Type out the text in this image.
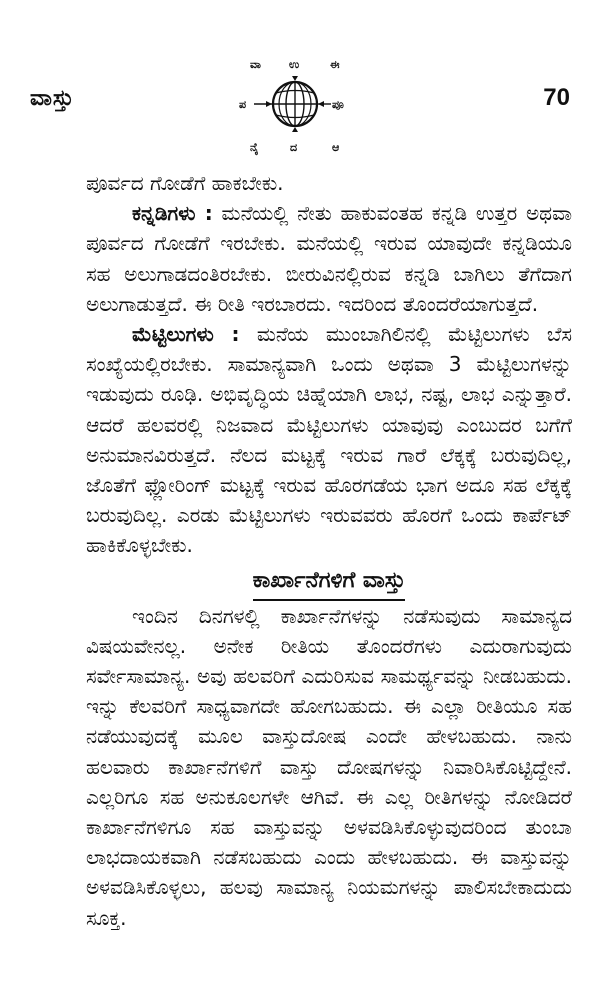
ವಾಸ್ತು
ವಾ	ಉ	ಈ
ಪ	ಪೂ
ನೈ	ದ	ಆ
70

ಪೂರ್ವದ ಗೋಡೆಗೆ ಹಾಕಬೇಕು.

ಕನ್ನಡಿಗಳು : ಮನೆಯಲ್ಲಿ ನೇತು ಹಾಕುವಂತಹ ಕನ್ನಡಿ ಉತ್ತರ ಅಥವಾ ಪೂರ್ವದ ಗೋಡೆಗೆ ಇರಬೇಕು. ಮನೆಯಲ್ಲಿ ಇರುವ ಯಾವುದೇ ಕನ್ನಡಿಯೂ ಸಹ ಅಲುಗಾಡದಂತಿರಬೇಕು. ಬೀರುವಿನಲ್ಲಿರುವ ಕನ್ನಡಿ ಬಾಗಿಲು ತೆಗೆದಾಗ ಅಲುಗಾಡುತ್ತದೆ. ಈ ರೀತಿ ಇರಬಾರದು. ಇದರಿಂದ ತೊಂದರೆಯಾಗುತ್ತದೆ.

ಮೆಟ್ಟಿಲುಗಳು : ಮನೆಯ ಮುಂಬಾಗಿಲಿನಲ್ಲಿ ಮೆಟ್ಟಿಲುಗಳು ಬೆಸ ಸಂಖ್ಯೆಯಲ್ಲಿರಬೇಕು. ಸಾಮಾನ್ಯವಾಗಿ ಒಂದು ಅಥವಾ 3 ಮೆಟ್ಟಿಲುಗಳನ್ನು ಇಡುವುದು ರೂಢಿ. ಅಭಿವೃದ್ಧಿಯ ಚಿಹ್ನೆಯಾಗಿ ಲಾಭ, ನಷ್ಟ, ಲಾಭ ಎನ್ನುತ್ತಾರೆ. ಆದರೆ ಹಲವರಲ್ಲಿ ನಿಜವಾದ ಮೆಟ್ಟಿಲುಗಳು ಯಾವುವು ಎಂಬುದರ ಬಗೆಗೆ ಅನುಮಾನವಿರುತ್ತದೆ. ನೆಲದ ಮಟ್ಟಕ್ಕೆ ಇರುವ ಗಾರೆ ಲೆಕ್ಕಕ್ಕೆ ಬರುವುದಿಲ್ಲ, ಜೊತೆಗೆ ಫ್ಲೋರಿಂಗ್ ಮಟ್ಟಕ್ಕೆ ಇರುವ ಹೊರಗಡೆಯ ಭಾಗ ಅದೂ ಸಹ ಲೆಕ್ಕಕ್ಕೆ ಬರುವುದಿಲ್ಲ. ಎರಡು ಮೆಟ್ಟಿಲುಗಳು ಇರುವವರು ಹೊರಗೆ ಒಂದು ಕಾರ್ಪೆಟ್ ಹಾಕಿಕೊಳ್ಳಬೇಕು.

ಕಾರ್ಖಾನೆಗಳಿಗೆ ವಾಸ್ತು

ಇಂದಿನ ದಿನಗಳಲ್ಲಿ ಕಾರ್ಖಾನೆಗಳನ್ನು ನಡೆಸುವುದು ಸಾಮಾನ್ಯದ ವಿಷಯವೇನಲ್ಲ. ಅನೇಕ ರೀತಿಯ ತೊಂದರೆಗಳು ಎದುರಾಗುವುದು ಸರ್ವೇಸಾಮಾನ್ಯ. ಅವು ಹಲವರಿಗೆ ಎದುರಿಸುವ ಸಾಮರ್ಥ್ಯವನ್ನು ನೀಡಬಹುದು. ಇನ್ನು ಕೆಲವರಿಗೆ ಸಾಧ್ಯವಾಗದೇ ಹೋಗಬಹುದು. ಈ ಎಲ್ಲಾ ರೀತಿಯೂ ಸಹ ನಡೆಯುವುದಕ್ಕೆ ಮೂಲ ವಾಸ್ತುದೋಷ ಎಂದೇ ಹೇಳಬಹುದು. ನಾನು ಹಲವಾರು ಕಾರ್ಖಾನೆಗಳಿಗೆ ವಾಸ್ತು ದೋಷಗಳನ್ನು ನಿವಾರಿಸಿಕೊಟ್ಟಿದ್ದೇನೆ. ಎಲ್ಲರಿಗೂ ಸಹ ಅನುಕೂಲಗಳೇ ಆಗಿವೆ. ಈ ಎಲ್ಲ ರೀತಿಗಳನ್ನು ನೋಡಿದರೆ ಕಾರ್ಖಾನೆಗಳಿಗೂ ಸಹ ವಾಸ್ತುವನ್ನು ಅಳವಡಿಸಿಕೊಳ್ಳುವುದರಿಂದ ತುಂಬಾ ಲಾಭದಾಯಕವಾಗಿ ನಡೆಸಬಹುದು ಎಂದು ಹೇಳಬಹುದು. ಈ ವಾಸ್ತುವನ್ನು ಅಳವಡಿಸಿಕೊಳ್ಳಲು, ಹಲವು ಸಾಮಾನ್ಯ ನಿಯಮಗಳನ್ನು ಪಾಲಿಸಬೇಕಾದುದು ಸೂಕ್ತ.
